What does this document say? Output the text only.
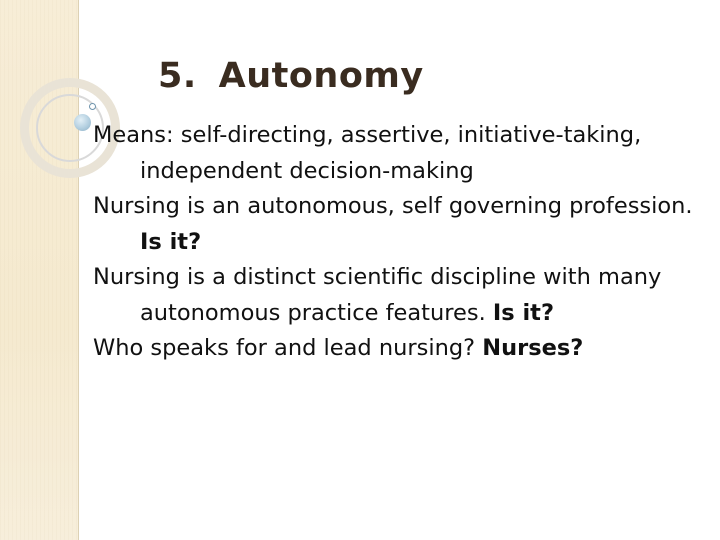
5. Autonomy

Means: self-directing, assertive, initiative-taking,
independent decision-making

Nursing is an autonomous, self governing profession.
Is it?

Nursing is a distinct scientific discipline with many
autonomous practice features. Is it?

Who speaks for and lead nursing? Nurses?
